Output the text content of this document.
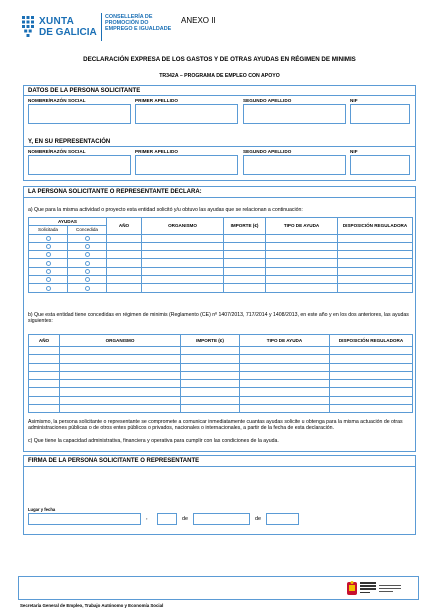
XUNTA
DE GALICIA
CONSELLERÍA DE
PROMOCIÓN DO
EMPREGO E IGUALDADE
ANEXO II
DECLARACIÓN EXPRESA DE LOS GASTOS Y DE OTRAS AYUDAS EN RÉGIMEN DE MINIMIS
TR342A – PROGRAMA DE EMPLEO CON APOYO
DATOS DE LA PERSONA SOLICITANTE
NOMBRE/RAZÓN SOCIAL	PRIMER APELLIDO	SEGUNDO APELLIDO	NIF
Y, EN SU REPRESENTACIÓN
NOMBRE/RAZÓN SOCIAL	PRIMER APELLIDO	SEGUNDO APELLIDO	NIF
LA PERSONA SOLICITANTE O REPRESENTANTE DECLARA:
a) Que para la misma actividad o proyecto esta entidad solicitó y/u obtuvo las ayudas que se relacionan a continuación:
AYUDAS		AÑO	ORGANISMO	IMPORTE (€)	TIPO DE AYUDA	DISPOSICIÓN REGULADORA
Solicitada	Concedida					

b) Que esta entidad tiene concedidas en régimen de minimis (Reglamento (CE) nº 1407/2013, 717/2014 y 1408/2013, en este año y en los dos anteriores, las ayudas siguientes:
AÑO	ORGANISMO	IMPORTE (€)	TIPO DE AYUDA	DISPOSICIÓN REGULADORA

Asimismo, la persona solicitante o representante se compromete a comunicar inmediatamente cuantas ayudas solicite u obtenga para la misma actuación de otras administraciones públicas o de otros entes públicos o privados, nacionales o internacionales, a partir de la fecha de esta declaración.
c) Que tiene la capacidad administrativa, financiera y operativa para cumplir con las condiciones de la ayuda.
FIRMA DE LA PERSONA SOLICITANTE O REPRESENTANTE
Lugar y fecha
,	de	de
Secretaría General de Empleo, Trabajo Autónomo y Economía Social
